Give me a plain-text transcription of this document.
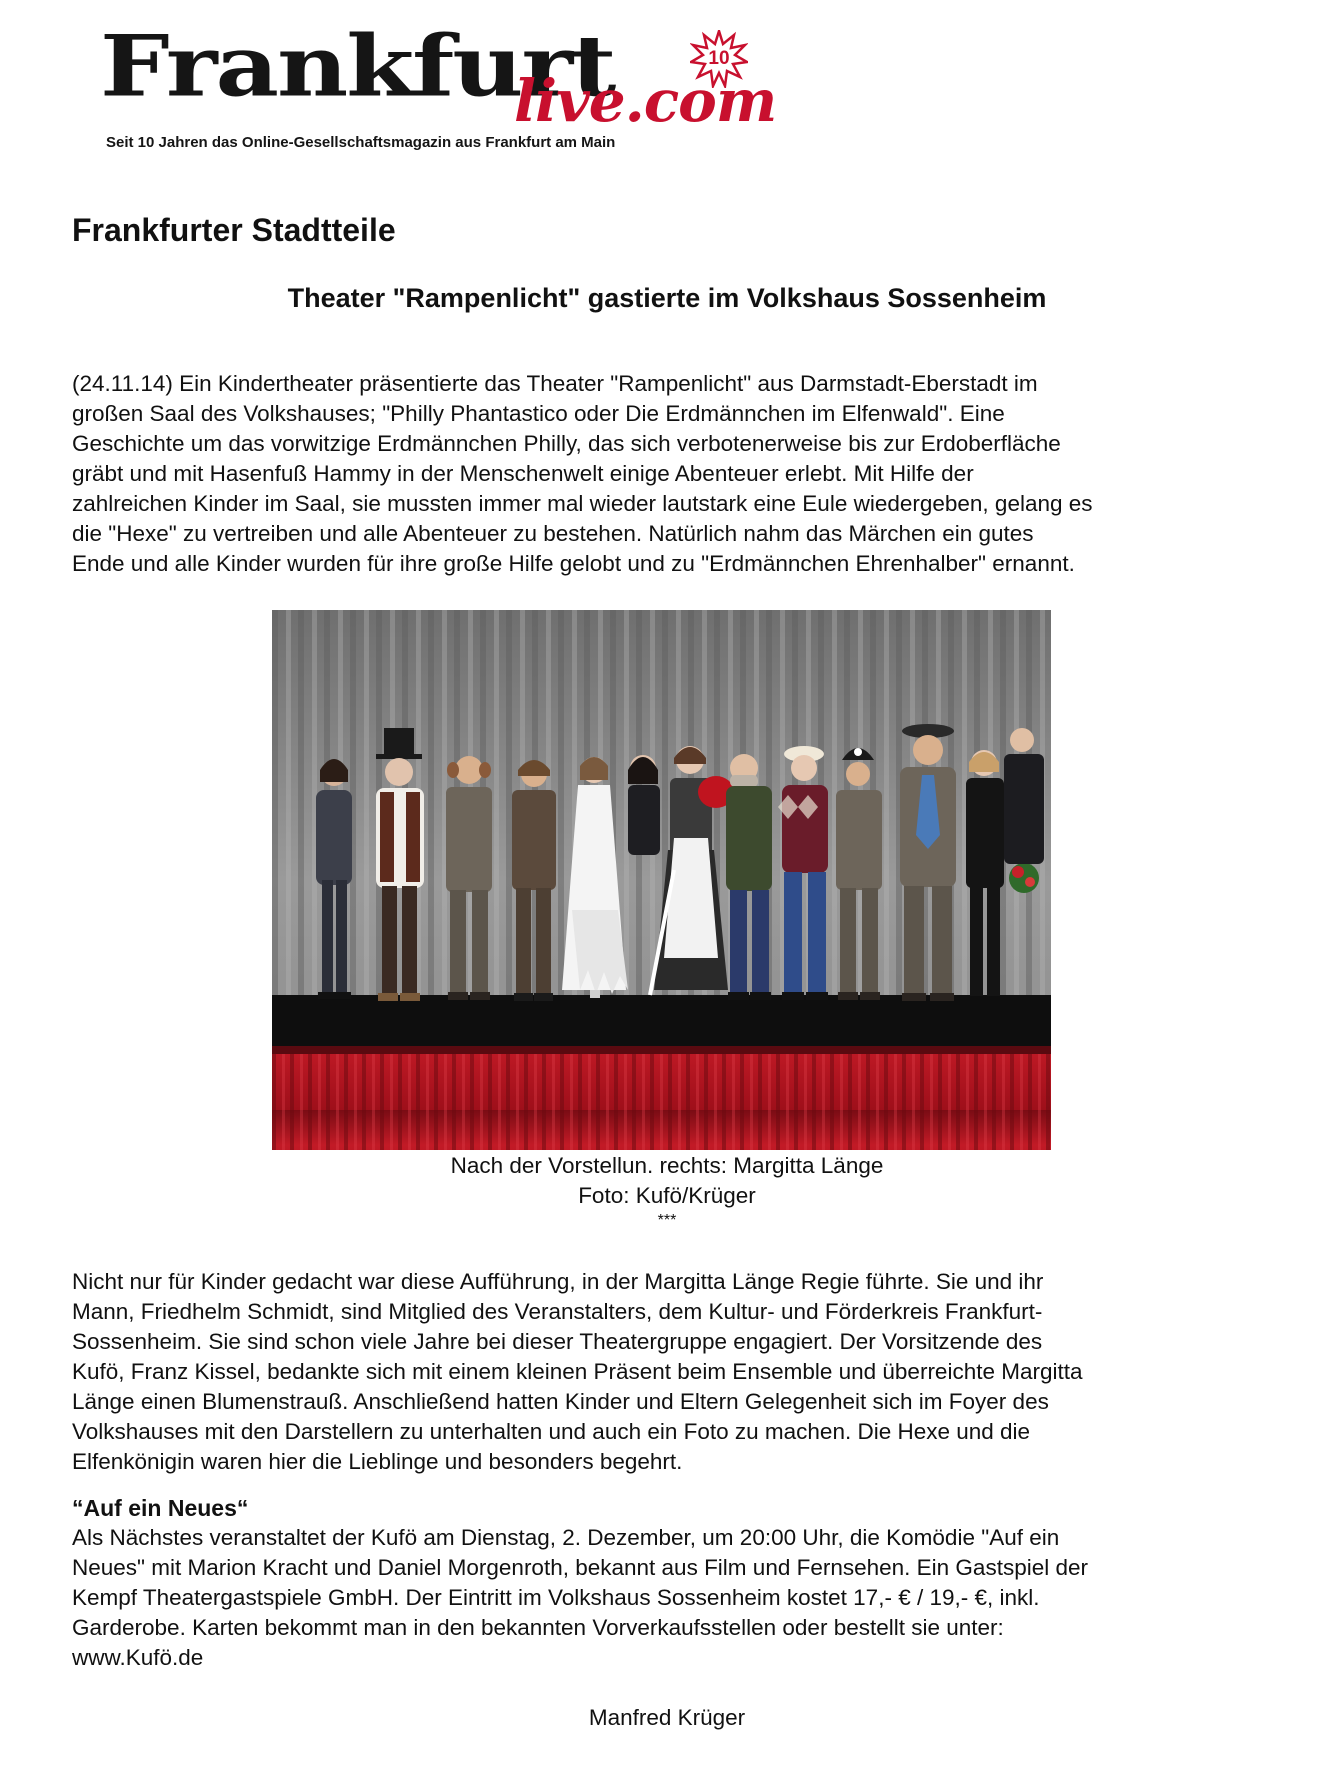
Frankfurt
live.com
10
Seit 10 Jahren das Online-Gesellschaftsmagazin aus Frankfurt am Main
Frankfurter Stadtteile
Theater "Rampenlicht" gastierte im Volkshaus Sossenheim

(24.11.14) Ein Kindertheater präsentierte das Theater "Rampenlicht" aus Darmstadt-Eberstadt im
großen Saal des Volkshauses; "Philly Phantastico oder Die Erdmännchen im Elfenwald". Eine
Geschichte um das vorwitzige Erdmännchen Philly, das sich verbotenerweise bis zur Erdoberfläche
gräbt und mit Hasenfuß Hammy in der Menschenwelt einige Abenteuer erlebt. Mit Hilfe der
zahlreichen Kinder im Saal, sie mussten immer mal wieder lautstark eine Eule wiedergeben, gelang es
die "Hexe" zu vertreiben und alle Abenteuer zu bestehen. Natürlich nahm das Märchen ein gutes
Ende und alle Kinder wurden für ihre große Hilfe gelobt und zu "Erdmännchen Ehrenhalber" ernannt.

Nach der Vorstellun. rechts: Margitta Länge
Foto: Kufö/Krüger
***

Nicht nur für Kinder gedacht war diese Aufführung, in der Margitta Länge Regie führte. Sie und ihr
Mann, Friedhelm Schmidt, sind Mitglied des Veranstalters, dem Kultur- und Förderkreis Frankfurt-
Sossenheim. Sie sind schon viele Jahre bei dieser Theatergruppe engagiert. Der Vorsitzende des
Kufö, Franz Kissel, bedankte sich mit einem kleinen Präsent beim Ensemble und überreichte Margitta
Länge einen Blumenstrauß. Anschließend hatten Kinder und Eltern Gelegenheit sich im Foyer des
Volkshauses mit den Darstellern zu unterhalten und auch ein Foto zu machen. Die Hexe und die
Elfenkönigin waren hier die Lieblinge und besonders begehrt.

“Auf ein Neues“

Als Nächstes veranstaltet der Kufö am Dienstag, 2. Dezember, um 20:00 Uhr, die Komödie "Auf ein
Neues" mit Marion Kracht und Daniel Morgenroth, bekannt aus Film und Fernsehen. Ein Gastspiel der
Kempf Theatergastspiele GmbH. Der Eintritt im Volkshaus Sossenheim kostet 17,- € / 19,- €, inkl.
Garderobe. Karten bekommt man in den bekannten Vorverkaufsstellen oder bestellt sie unter:
www.Kufö.de

Manfred Krüger
